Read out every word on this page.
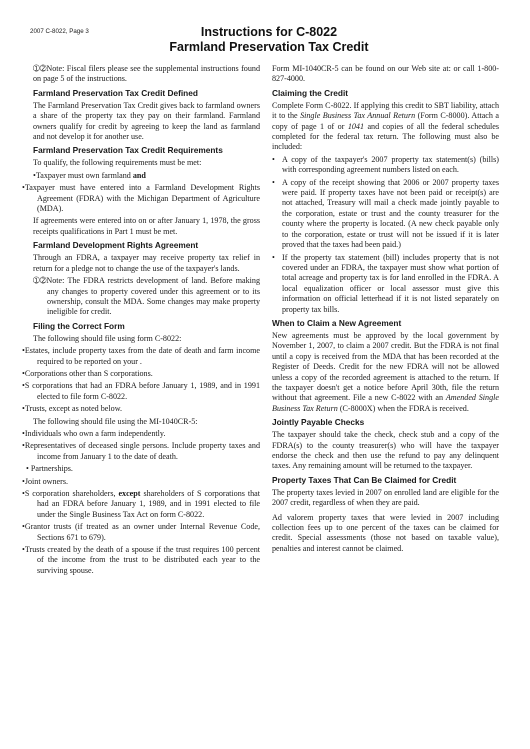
2007 C-8022, Page 3	Instructions for C-8022
Farmland Preservation Tax Credit

➀➁Note: Fiscal filers please see the supplemental instructions found on page 5 of the instructions.

Farmland Preservation Tax Credit Defined

The Farmland Preservation Tax Credit gives back to farmland owners a share of the property tax they pay on their farmland. Farmland owners qualify for credit by agreeing to keep the land as farmland and not develop it for another use.

Farmland Preservation Tax Credit Requirements

To qualify, the following requirements must be met:

•Taxpayer must own farmland and

•Taxpayer must have entered into a Farmland Development Rights Agreement (FDRA) with the Michigan Department of Agriculture (MDA).

If agreements were entered into on or after January 1, 1978, the gross receipts qualifications in Part 1 must be met.

Farmland Development Rights Agreement

Through an FDRA, a taxpayer may receive property tax relief in return for a pledge not to change the use of the taxpayer's lands.

➀➁Note: The FDRA restricts development of land. Before making any changes to property covered under this agreement or to its ownership, consult the MDA. Some changes may make property ineligible for credit.

Filing the Correct Form

The following should file using form C-8022:

•Estates, include property taxes from the date of death and farm income required to be reported on your .

•Corporations other than S corporations.

•S corporations that had an FDRA before January 1, 1989, and in 1991 elected to file form C-8022.

•Trusts, except as noted below.

The following should file using the MI-1040CR-5:

•Individuals who own a farm independently.

•Representatives of deceased single persons. Include property taxes and income from January 1 to the date of death.

• Partnerships.

•Joint owners.

•S corporation shareholders, except shareholders of S corporations that had an FDRA before January 1, 1989, and in 1991 elected to file under the Single Business Tax Act on form C-8022.

•Grantor trusts (if treated as an owner under Internal Revenue Code, Sections 671 to 679).

•Trusts created by the death of a spouse if the trust requires 100 percent of the income from the trust to be distributed each year to the surviving spouse.

Form MI-1040CR-5 can be found on our Web site at: or call 1-800-827-4000.

Claiming the Credit

Complete Form C-8022. If applying this credit to SBT liability, attach it to the Single Business Tax Annual Return (Form C-8000). Attach a copy of page 1 of or 1041 and copies of all the federal schedules completed for the federal tax return. The following must also be included:

• A copy of the taxpayer's 2007 property tax statement(s) (bills) with corresponding agreement numbers listed on each.

• A copy of the receipt showing that 2006 or 2007 property taxes were paid. If property taxes have not been paid or receipt(s) are not attached, Treasury will mail a check made jointly payable to the corporation, estate or trust and the county treasurer for the county where the property is located. (A new check payable only to the corporation, estate or trust will not be issued if it is later proved that the taxes had been paid.)

• If the property tax statement (bill) includes property that is not covered under an FDRA, the taxpayer must show what portion of total acreage and property tax is for land enrolled in the FDRA. A local equalization officer or local assessor must give this information on official letterhead if it is not listed separately on property tax bills.

When to Claim a New Agreement

New agreements must be approved by the local government by November 1, 2007, to claim a 2007 credit. But the FDRA is not final until a copy is received from the MDA that has been recorded at the Register of Deeds. Credit for the new FDRA will not be allowed unless a copy of the recorded agreement is attached to the return. If the taxpayer doesn't get a notice before April 30th, file the return without that agreement. File a new C-8022 with an Amended Single Business Tax Return (C-8000X) when the FDRA is received.

Jointly Payable Checks

The taxpayer should take the check, check stub and a copy of the FDRA(s) to the county treasurer(s) who will have the taxpayer endorse the check and then use the refund to pay any delinquent taxes. Any remaining amount will be returned to the taxpayer.

Property Taxes That Can Be Claimed for Credit

The property taxes levied in 2007 on enrolled land are eligible for the 2007 credit, regardless of when they are paid.

Ad valorem property taxes that were levied in 2007 including collection fees up to one percent of the taxes can be claimed for credit. Special assessments (those not based on taxable value), penalties and interest cannot be claimed.
